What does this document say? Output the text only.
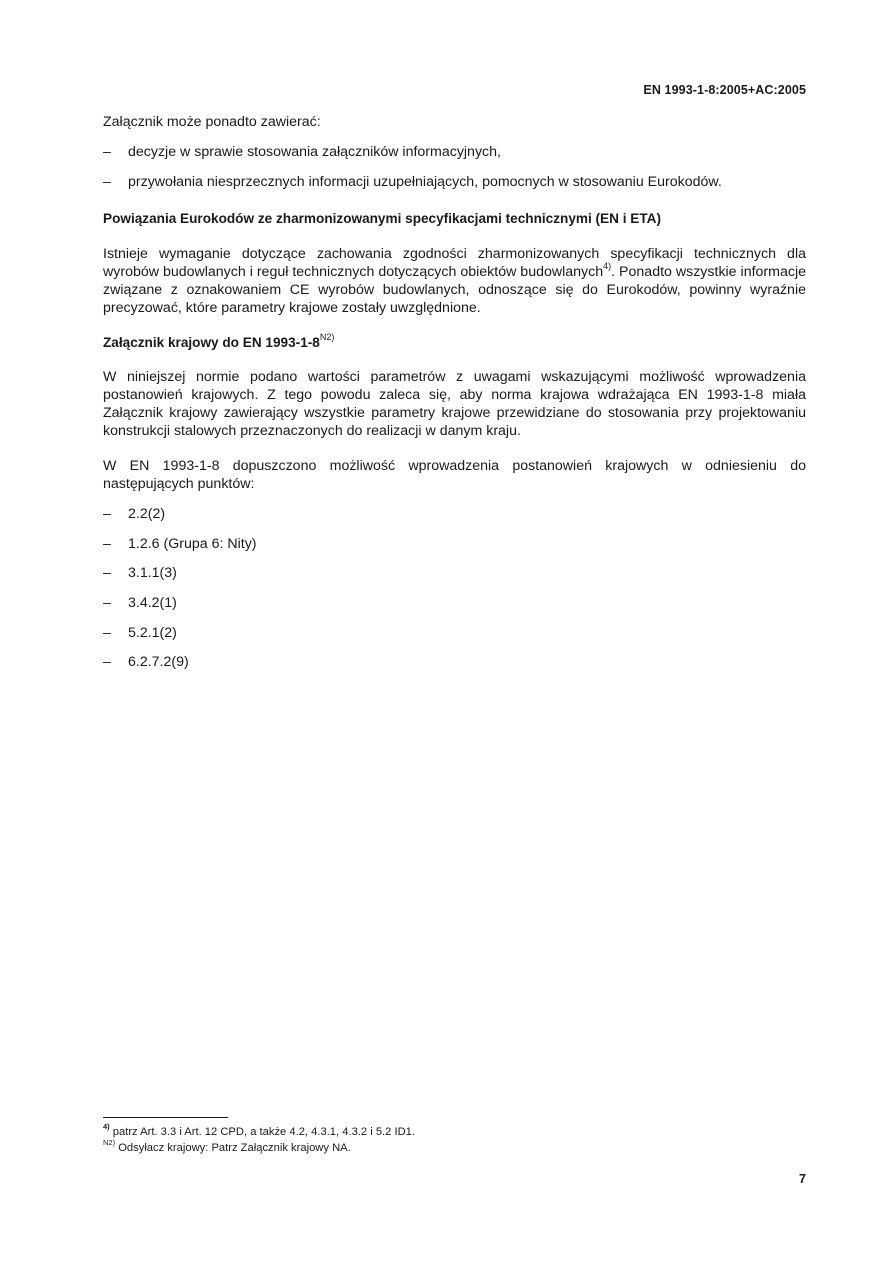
EN 1993-1-8:2005+AC:2005

Załącznik może ponadto zawierać:

– decyzje w sprawie stosowania załączników informacyjnych,
– przywołania niesprzecznych informacji uzupełniających, pomocnych w stosowaniu Eurokodów.
Powiązania Eurokodów ze zharmonizowanymi specyfikacjami technicznymi (EN i ETA)

Istnieje wymaganie dotyczące zachowania zgodności zharmonizowanych specyfikacji technicznych dla wyrobów budowlanych i reguł technicznych dotyczących obiektów budowlanych$^{4)}$. Ponadto wszystkie informacje związane z oznakowaniem CE wyrobów budowlanych, odnoszące się do Eurokodów, powinny wyraźnie precyzować, które parametry krajowe zostały uwzględnione.

Załącznik krajowy do EN $1993-1-8^{N2)}$

W niniejszej normie podano wartości parametrów z uwagami wskazującymi możliwość wprowadzenia postanowień krajowych. Z tego powodu zaleca się, aby norma krajowa wdrażająca EN 1993-1-8 miała Załącznik krajowy zawierający wszystkie parametry krajowe przewidziane do stosowania przy projektowaniu konstrukcji stalowych przeznaczonych do realizacji w danym kraju.

W EN 1993-1-8 dopuszczono możliwość wprowadzenia postanowień krajowych w odniesieniu do następujących punktów:

– 2.2(2)
– 1.2.6 (Grupa 6: Nity)
– 3.1.1(3)
– 3.4.2(1)
– 5.2.1(2)
– 6.2.7.2(9)
$^{4)}$ patrz Art. 3.3 i Art. 12 CPD, a także 4.2, 4.3.1, 4.3.2 i 5.2 ID1.
$^{N2)}$ Odsyłacz krajowy: Patrz Załącznik krajowy NA.
7
